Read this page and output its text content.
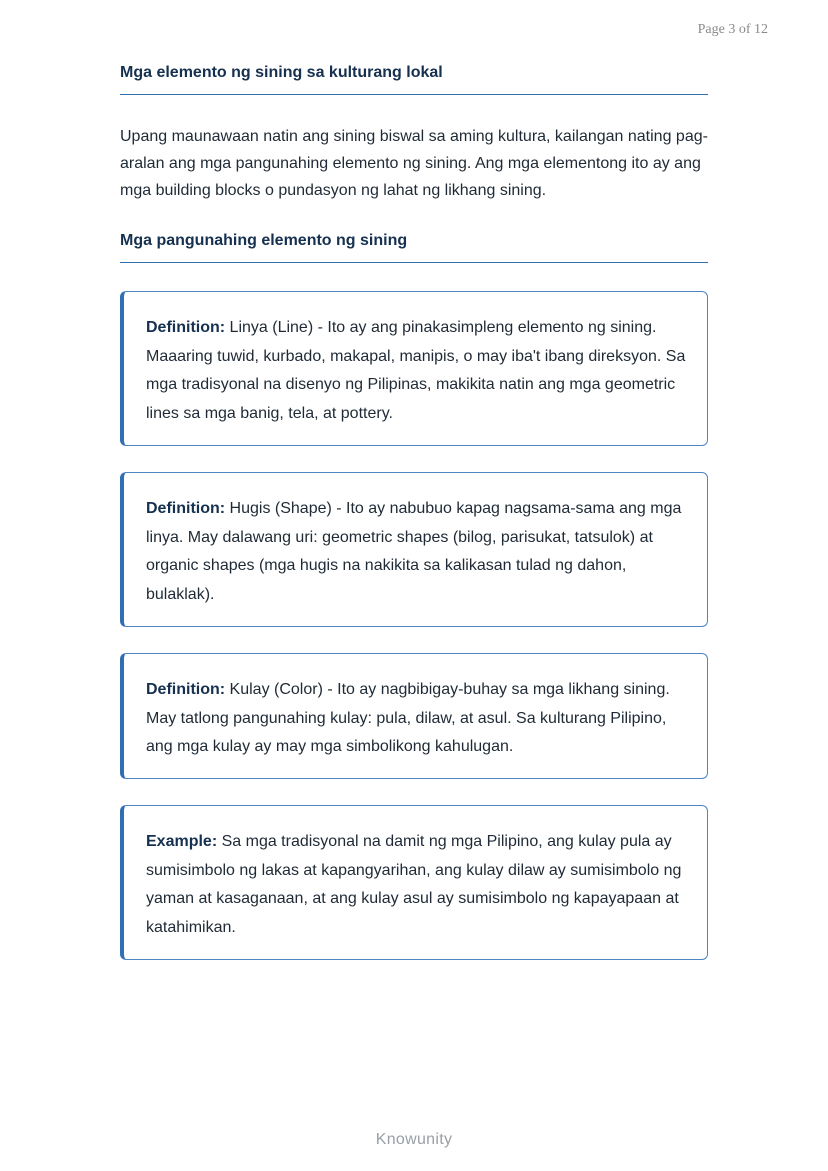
Page 3 of 12
Mga elemento ng sining sa kulturang lokal

Upang maunawaan natin ang sining biswal sa aming kultura, kailangan nating pag-aralan ang mga pangunahing elemento ng sining. Ang mga elementong ito ay ang mga building blocks o pundasyon ng lahat ng likhang sining.

Mga pangunahing elemento ng sining
Definition: Linya (Line) - Ito ay ang pinakasimpleng elemento ng sining. Maaaring tuwid, kurbado, makapal, manipis, o may iba't ibang direksyon. Sa mga tradisyonal na disenyo ng Pilipinas, makikita natin ang mga geometric lines sa mga banig, tela, at pottery.
Definition: Hugis (Shape) - Ito ay nabubuo kapag nagsama-sama ang mga linya. May dalawang uri: geometric shapes (bilog, parisukat, tatsulok) at organic shapes (mga hugis na nakikita sa kalikasan tulad ng dahon, bulaklak).
Definition: Kulay (Color) - Ito ay nagbibigay-buhay sa mga likhang sining. May tatlong pangunahing kulay: pula, dilaw, at asul. Sa kulturang Pilipino, ang mga kulay ay may mga simbolikong kahulugan.
Example: Sa mga tradisyonal na damit ng mga Pilipino, ang kulay pula ay sumisimbolo ng lakas at kapangyarihan, ang kulay dilaw ay sumisimbolo ng yaman at kasaganaan, at ang kulay asul ay sumisimbolo ng kapayapaan at katahimikan.
Knowunity
